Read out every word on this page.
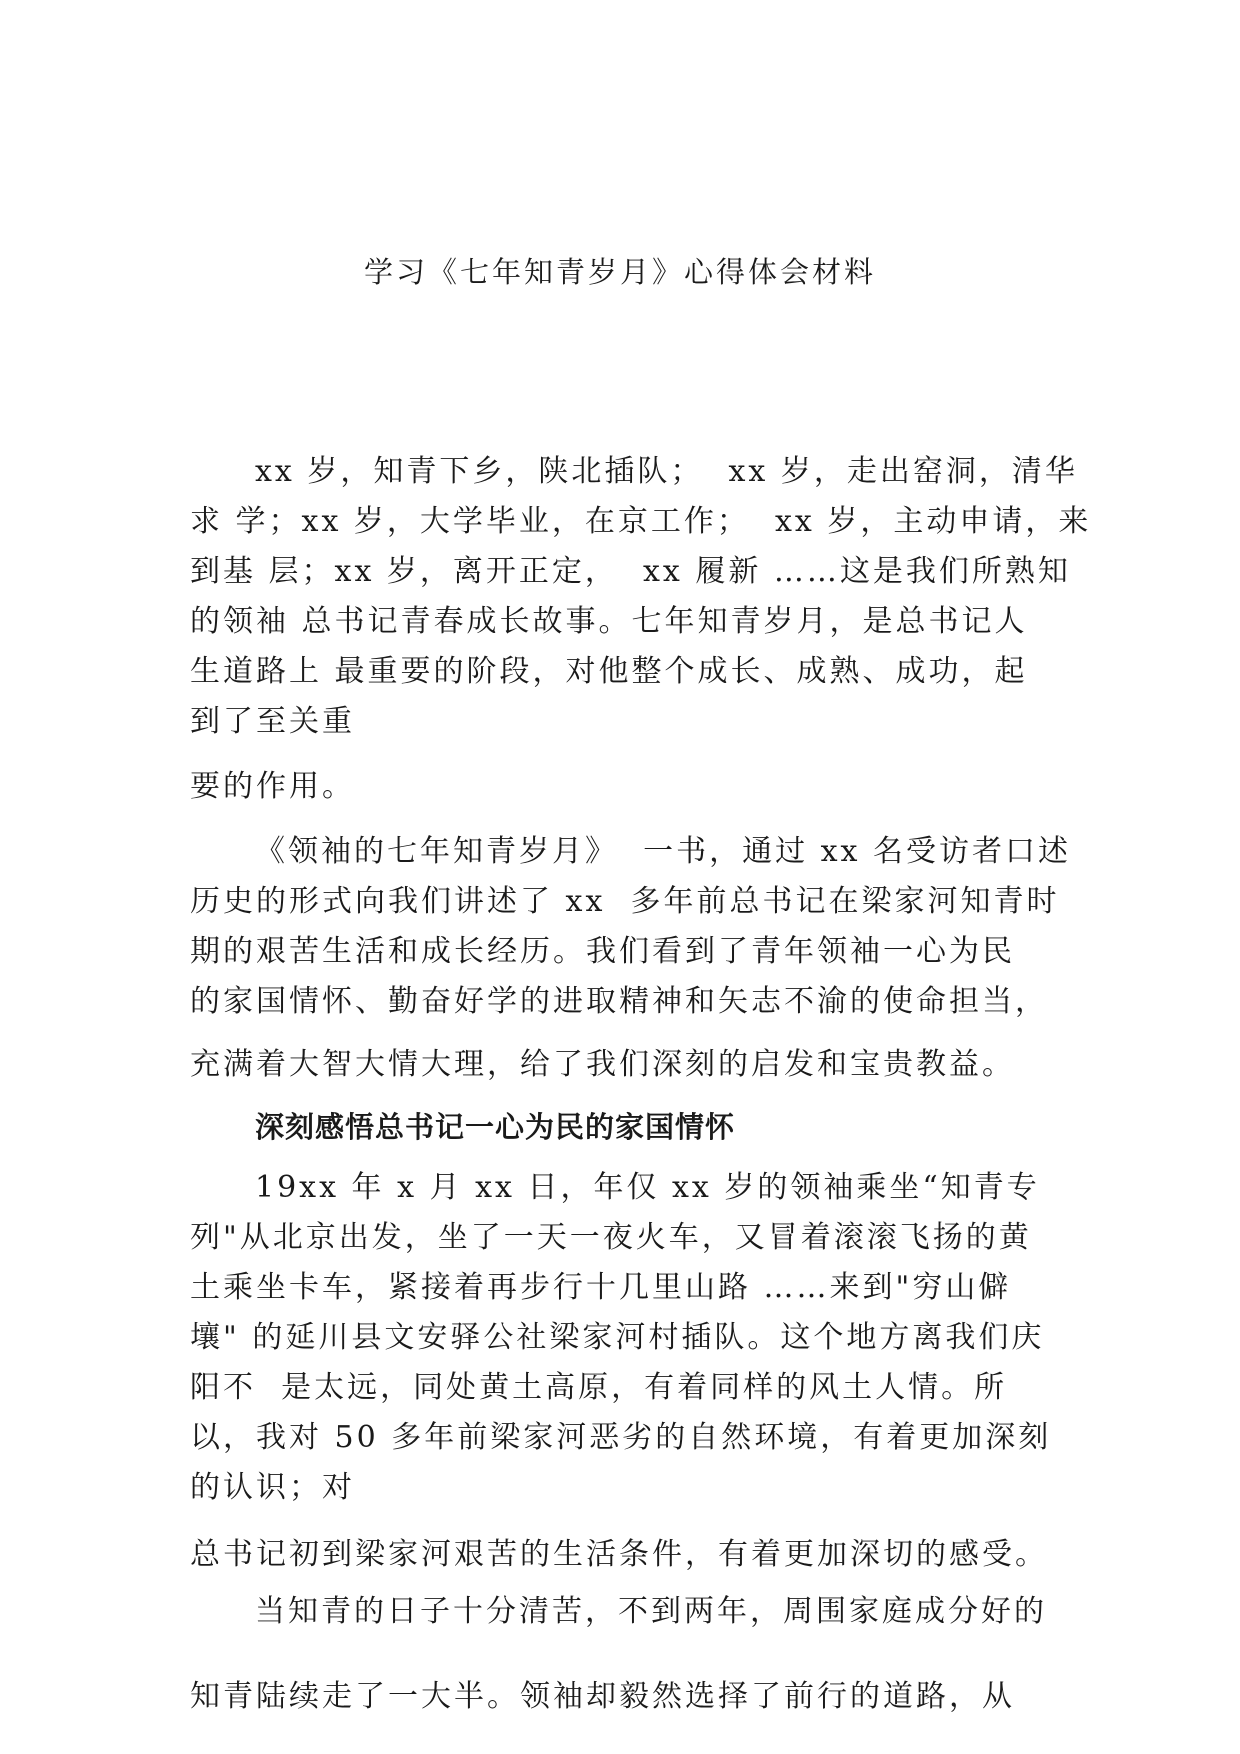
学习《七年知青岁月》心得体会材料
xx 岁，知青下乡，陕北插队；  xx 岁，走出窑洞，清华
求 学；xx 岁，大学毕业，在京工作；  xx 岁，主动申请，来
到基 层；xx 岁，离开正定，  xx 履新 ……这是我们所熟知
的领袖 总书记青春成长故事。七年知青岁月，是总书记人
生道路上 最重要的阶段，对他整个成长、成熟、成功，起
到了至关重
要的作用。
《领袖的七年知青岁月》  一书，通过 xx 名受访者口述
历史的形式向我们讲述了 xx  多年前总书记在梁家河知青时
期的艰苦生活和成长经历。我们看到了青年领袖一心为民
的家国情怀、勤奋好学的进取精神和矢志不渝的使命担当，
充满着大智大情大理，给了我们深刻的启发和宝贵教益。
深刻感悟总书记一心为民的家国情怀
19xx 年 x 月 xx 日，年仅 xx 岁的领袖乘坐“知青专
列"从北京出发，坐了一天一夜火车，又冒着滚滚飞扬的黄
土乘坐卡车，紧接着再步行十几里山路 ……来到"穷山僻
壤" 的延川县文安驿公社梁家河村插队。这个地方离我们庆
阳不  是太远，同处黄土高原，有着同样的风土人情。所
以，我对 50 多年前梁家河恶劣的自然环境，有着更加深刻
的认识；对
总书记初到梁家河艰苦的生活条件，有着更加深切的感受。
当知青的日子十分清苦，不到两年，周围家庭成分好的
知青陆续走了一大半。领袖却毅然选择了前行的道路，从
